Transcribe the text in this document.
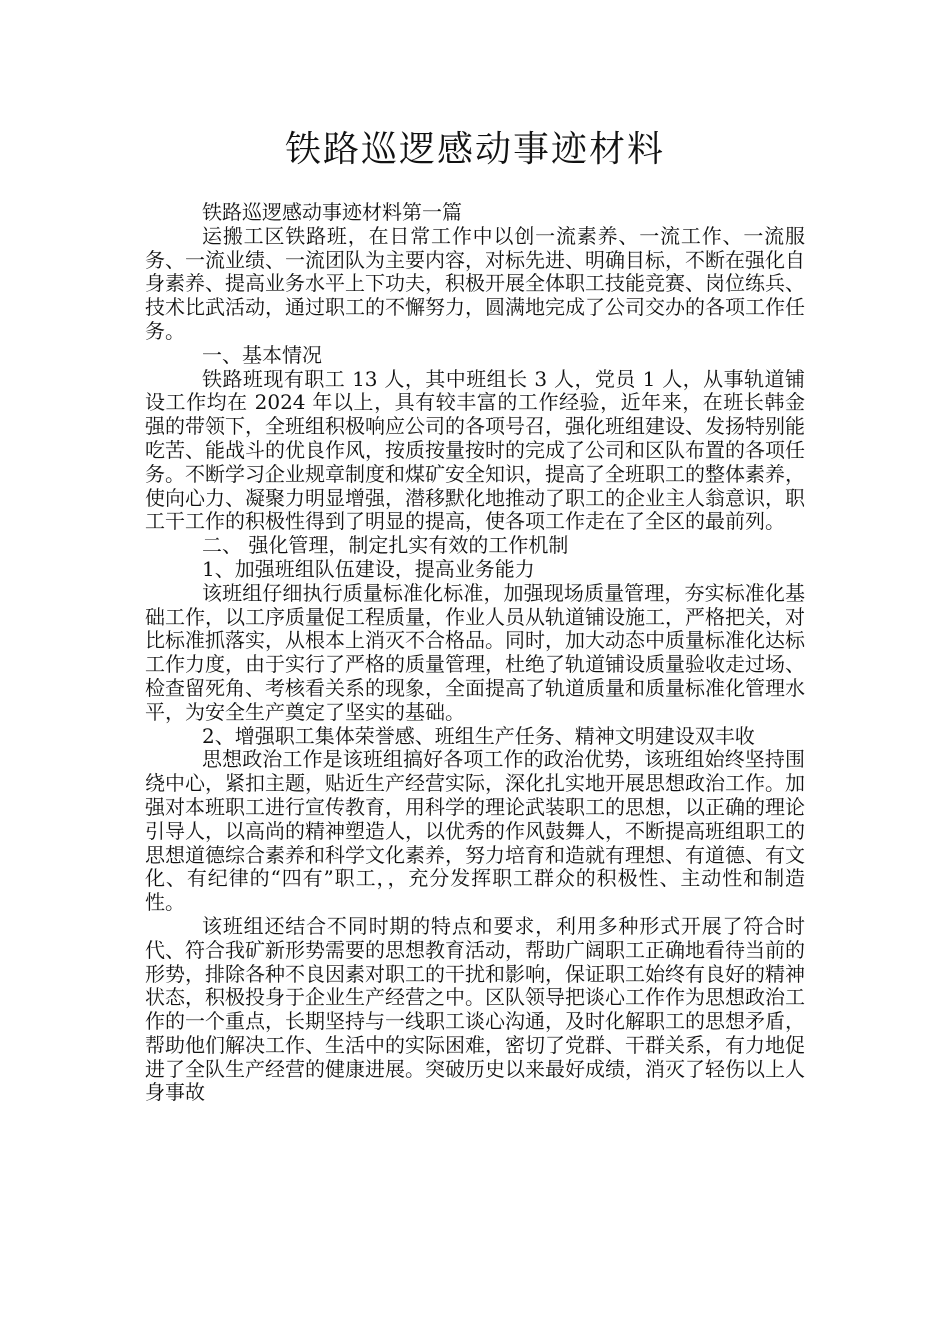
铁路巡逻感动事迹材料

铁路巡逻感动事迹材料第一篇

运搬工区铁路班，在日常工作中以创一流素养、一流工作、一流服务、一流业绩、一流团队为主要内容，对标先进、明确目标，不断在强化自身素养、提高业务水平上下功夫，积极开展全体职工技能竞赛、岗位练兵、技术比武活动，通过职工的不懈努力，圆满地完成了公司交办的各项工作任务。

一、基本情况

铁路班现有职工 13 人，其中班组长 3 人，党员 1 人，从事轨道铺设工作均在 2024 年以上，具有较丰富的工作经验，近年来，在班长韩金强的带领下，全班组积极响应公司的各项号召，强化班组建设、发扬特别能吃苦、能战斗的优良作风，按质按量按时的完成了公司和区队布置的各项任务。不断学习企业规章制度和煤矿安全知识，提高了全班职工的整体素养，使向心力、凝聚力明显增强，潜移默化地推动了职工的企业主人翁意识，职工干工作的积极性得到了明显的提高，使各项工作走在了全区的最前列。

二、 强化管理，制定扎实有效的工作机制

1、加强班组队伍建设，提高业务能力

该班组仔细执行质量标准化标准，加强现场质量管理，夯实标准化基础工作，以工序质量促工程质量，作业人员从轨道铺设施工，严格把关，对比标准抓落实，从根本上消灭不合格品。同时，加大动态中质量标准化达标工作力度，由于实行了严格的质量管理，杜绝了轨道铺设质量验收走过场、检查留死角、考核看关系的现象，全面提高了轨道质量和质量标准化管理水平，为安全生产奠定了坚实的基础。

2、增强职工集体荣誉感、班组生产任务、精神文明建设双丰收

思想政治工作是该班组搞好各项工作的政治优势，该班组始终坚持围绕中心，紧扣主题，贴近生产经营实际，深化扎实地开展思想政治工作。加强对本班职工进行宣传教育，用科学的理论武装职工的思想，以正确的理论引导人，以高尚的精神塑造人，以优秀的作风鼓舞人，不断提高班组职工的思想道德综合素养和科学文化素养，努力培育和造就有理想、有道德、有文化、有纪律的“四有”职工，，充分发挥职工群众的积极性、主动性和制造性。

该班组还结合不同时期的特点和要求，利用多种形式开展了符合时代、符合我矿新形势需要的思想教育活动，帮助广阔职工正确地看待当前的形势，排除各种不良因素对职工的干扰和影响，保证职工始终有良好的精神状态，积极投身于企业生产经营之中。区队领导把谈心工作作为思想政治工作的一个重点，长期坚持与一线职工谈心沟通，及时化解职工的思想矛盾，帮助他们解决工作、生活中的实际困难，密切了党群、干群关系，有力地促进了全队生产经营的健康进展。突破历史以来最好成绩，消灭了轻伤以上人身事故
